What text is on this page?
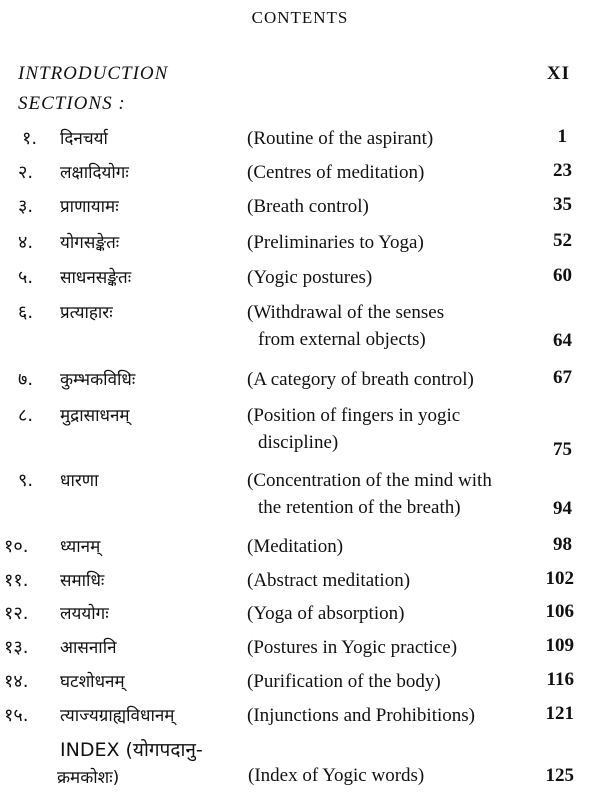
CONTENTS
INTRODUCTION	XI
SECTIONS :
१. दिनचर्या	(Routine of the aspirant)	1
२. लक्षादियोगः	(Centres of meditation)	23
३. प्राणायामः	(Breath control)	35
४. योगसङ्केतः	(Preliminaries to Yoga)	52
५. साधनसङ्केतः	(Yogic postures)	60
६. प्रत्याहारः	(Withdrawal of the senses
from external objects)	64
७. कुम्भकविधिः	(A category of breath control)	67
८. मुद्रासाधनम्	(Position of fingers in yogic
discipline)	75
९. धारणा	(Concentration of the mind with
the retention of the breath)	94
१०. ध्यानम्	(Meditation)	98
११. समाधिः	(Abstract meditation)	102
१२. लययोगः	(Yoga of absorption)	106
१३. आसनानि	(Postures in Yogic practice)	109
१४. घटशोधनम्	(Purification of the body)	116
१५. त्याज्यग्राह्यविधानम्	(Injunctions and Prohibitions)	121
INDEX (योगपदानु-
क्रमकोशः)	(Index of Yogic words)	125
